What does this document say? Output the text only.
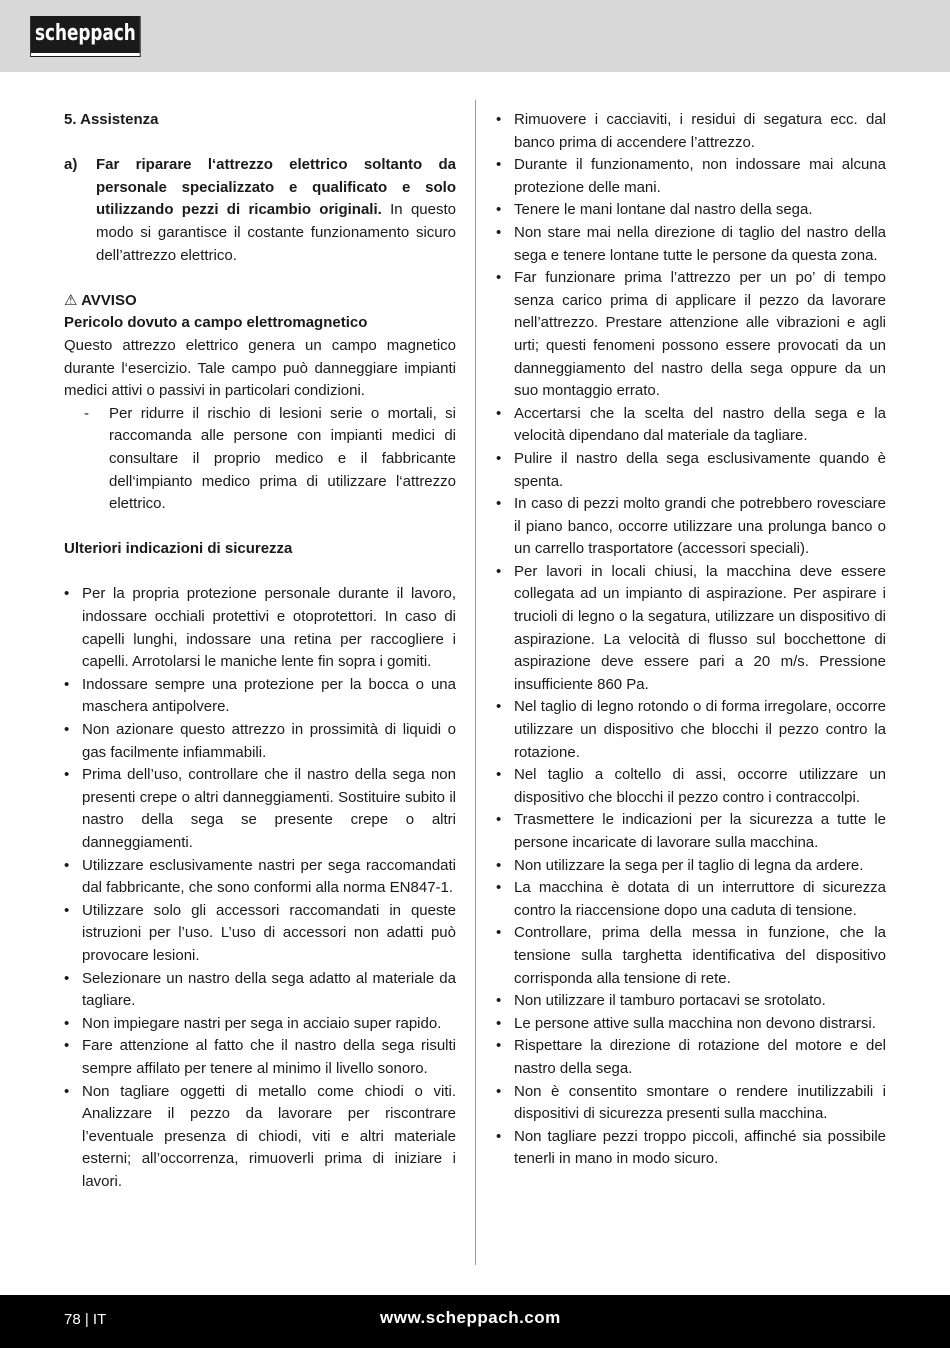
scheppach

5. Assistenza

a)	Far riparare l‘attrezzo elettrico soltanto da personale specializzato e qualificato e solo utilizzando pezzi di ricambio originali. In questo modo si garantisce il costante funzionamento sicuro dell’attrezzo elettrico.

⚠ AVVISO

Pericolo dovuto a campo elettromagnetico

Questo attrezzo elettrico genera un campo magnetico durante l‘esercizio. Tale campo può danneggiare impianti medici attivi o passivi in particolari condizioni.

-	Per ridurre il rischio di lesioni serie o mortali, si raccomanda alle persone con impianti medici di consultare il proprio medico e il fabbricante dell‘impianto medico prima di utilizzare l‘attrezzo elettrico.

Ulteriori indicazioni di sicurezza

• Per la propria protezione personale durante il lavoro, indossare occhiali protettivi e otoprotettori. In caso di capelli lunghi, indossare una retina per raccogliere i capelli. Arrotolarsi le maniche lente fin sopra i gomiti.
• Indossare sempre una protezione per la bocca o una maschera antipolvere.
• Non azionare questo attrezzo in prossimità di liquidi o gas facilmente infiammabili.
• Prima dell’uso, controllare che il nastro della sega non presenti crepe o altri danneggiamenti. Sostituire subito il nastro della sega se presente crepe o altri danneggiamenti.
• Utilizzare esclusivamente nastri per sega raccomandati dal fabbricante, che sono conformi alla norma EN847-1.
• Utilizzare solo gli accessori raccomandati in queste istruzioni per l’uso. L’uso di accessori non adatti può provocare lesioni.
• Selezionare un nastro della sega adatto al materiale da tagliare.
• Non impiegare nastri per sega in acciaio super rapido.
• Fare attenzione al fatto che il nastro della sega risulti sempre affilato per tenere al minimo il livello sonoro.
• Non tagliare oggetti di metallo come chiodi o viti. Analizzare il pezzo da lavorare per riscontrare l’eventuale presenza di chiodi, viti e altri materiale esterni; all’occorrenza, rimuoverli prima di iniziare i lavori.
• Rimuovere i cacciaviti, i residui di segatura ecc. dal banco prima di accendere l’attrezzo.
• Durante il funzionamento, non indossare mai alcuna protezione delle mani.
• Tenere le mani lontane dal nastro della sega.
• Non stare mai nella direzione di taglio del nastro della sega e tenere lontane tutte le persone da questa zona.
• Far funzionare prima l’attrezzo per un po’ di tempo senza carico prima di applicare il pezzo da lavorare nell’attrezzo. Prestare attenzione alle vibrazioni e agli urti; questi fenomeni possono essere provocati da un danneggiamento del nastro della sega oppure da un suo montaggio errato.
• Accertarsi che la scelta del nastro della sega e la velocità dipendano dal materiale da tagliare.
• Pulire il nastro della sega esclusivamente quando è spenta.
• In caso di pezzi molto grandi che potrebbero rovesciare il piano banco, occorre utilizzare una prolunga banco o un carrello trasportatore (accessori speciali).
• Per lavori in locali chiusi, la macchina deve essere collegata ad un impianto di aspirazione. Per aspirare i trucioli di legno o la segatura, utilizzare un dispositivo di aspirazione. La velocità di flusso sul bocchettone di aspirazione deve essere pari a 20 m/s. Pressione insufficiente 860 Pa.
• Nel taglio di legno rotondo o di forma irregolare, occorre utilizzare un dispositivo che blocchi il pezzo contro la rotazione.
• Nel taglio a coltello di assi, occorre utilizzare un dispositivo che blocchi il pezzo contro i contraccolpi.
• Trasmettere le indicazioni per la sicurezza a tutte le persone incaricate di lavorare sulla macchina.
• Non utilizzare la sega per il taglio di legna da ardere.
• La macchina è dotata di un interruttore di sicurezza contro la riaccensione dopo una caduta di tensione.
• Controllare, prima della messa in funzione, che la tensione sulla targhetta identificativa del dispositivo corrisponda alla tensione di rete.
• Non utilizzare il tamburo portacavi se srotolato.
• Le persone attive sulla macchina non devono distrarsi.
• Rispettare la direzione di rotazione del motore e del nastro della sega.
• Non è consentito smontare o rendere inutilizzabili i dispositivi di sicurezza presenti sulla macchina.
• Non tagliare pezzi troppo piccoli, affinché sia possibile tenerli in mano in modo sicuro.
78 | IT	www.scheppach.com
